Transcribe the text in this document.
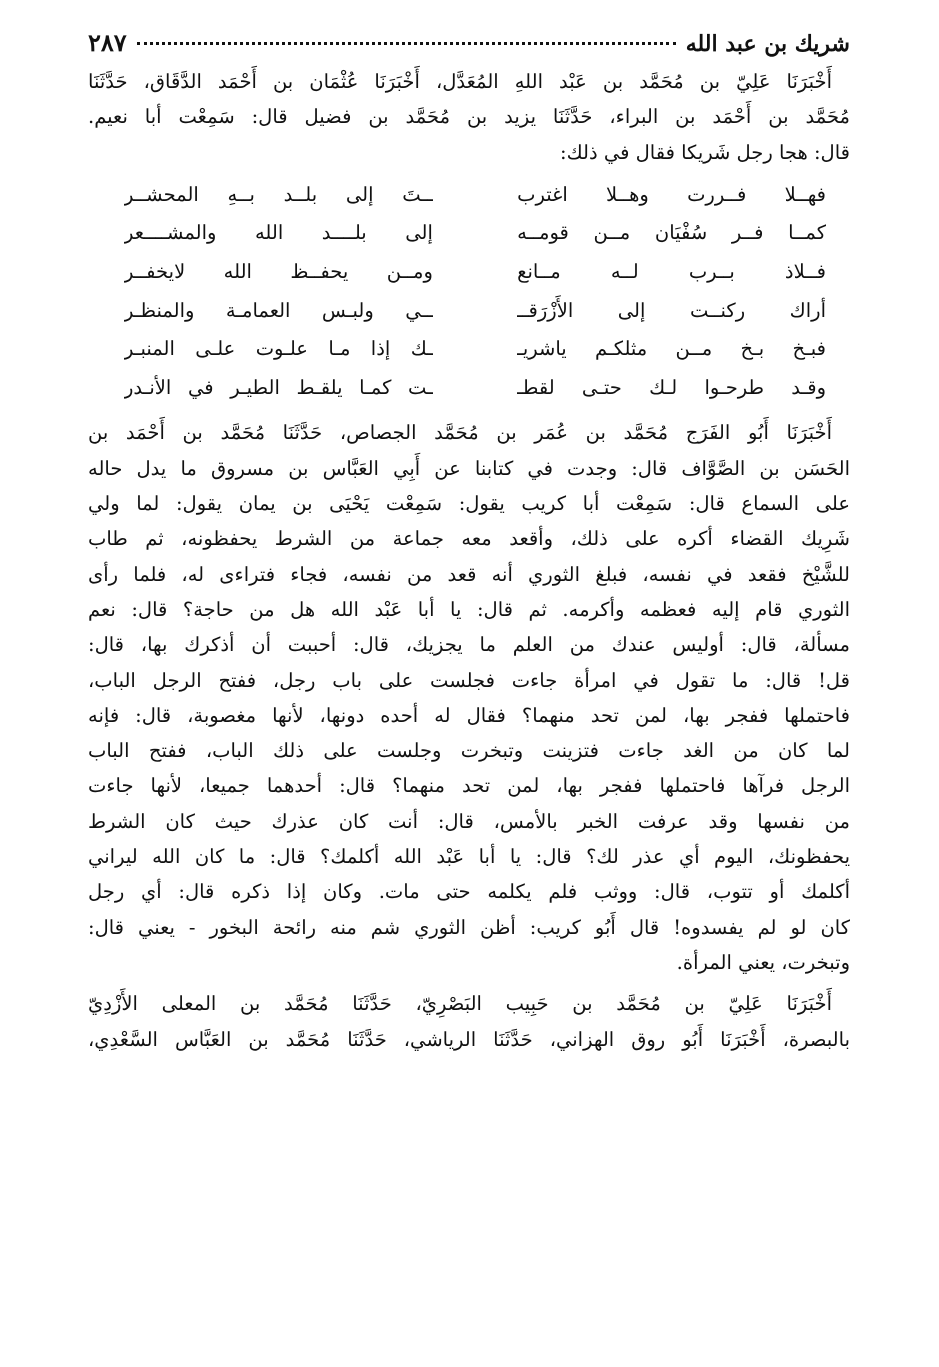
شريك بن عبد الله
٢٨٧
أَخْبَرَنَا عَلِيّ بن مُحَمَّد بن عَبْد اللهِ المُعَدَّل، أَخْبَرَنَا عُثْمَان بن أَحْمَد الدَّقَاق، حَدَّثَنَا
مُحَمَّد بن أَحْمَد بن البراء، حَدَّثَنَا يزيد بن مُحَمَّد بن فضيل قال: سَمِعْت أبا نعيم.
قال: هجا رجل شَريكا فقال في ذلك:
فهــلا فــررت وهــلا اغترب
ــتَ إلى بلــد بــهِ المحشــر
كمــا فــر سُفْيَان مــن قومــه
إلى بلــــد الله والمشــــعر
فــلاذ بــرب لــه مــانع
ومــن يحفــظ الله لايخفــر
أراك ركنــت إلى الأَزْرَقــ
ــي ولبـس العمامـة والمنظـر
فبـخ بـخ مــن مثلكـم ياشريـ
ـك إذا مـا علـوت علـى المنبـر
وقـد طرحـوا لـك حتـى لقطـ
ـت كمـا يلقـط الطيـر في الأنـدر
أَخْبَرَنَا أَبُو الفَرَج مُحَمَّد بن عُمَر بن مُحَمَّد الجصاص، حَدَّثَنَا مُحَمَّد بن أَحْمَد بن
الحَسَن بن الصَّوَّاف قال: وجدت في كتابنا عن أَبِي العَبَّاس بن مسروق ما يدل حاله
على السماع قال: سَمِعْت أبا كريب يقول: سَمِعْت يَحْيَى بن يمان يقول: لما ولي
شَرِيك القضاء أكره على ذلك، وأقعد معه جماعة من الشرط يحفظونه، ثم طاب
للشَّيْخ فقعد في نفسه، فبلغ الثوري أنه قعد من نفسه، فجاء فتراءى له، فلما رأى
الثوري قام إليه فعظمه وأكرمه. ثم قال: يا أبا عَبْد الله هل من حاجة؟ قال: نعم
مسألة، قال: أوليس عندك من العلم ما يجزيك، قال: أحببت أن أذكرك بها، قال:
قل! قال: ما تقول في امرأة جاءت فجلست على باب رجل، ففتح الرجل الباب،
فاحتملها ففجر بها، لمن تحد منهما؟ فقال له أحده دونها، لأنها مغصوبة، قال: فإنه
لما كان من الغد جاءت فتزينت وتبخرت وجلست على ذلك الباب، ففتح الباب
الرجل فرآها فاحتملها ففجر بها، لمن تحد منهما؟ قال: أحدهما جميعا، لأنها جاءت
من نفسها وقد عرفت الخبر بالأمس، قال: أنت كان عذرك حيث كان الشرط
يحفظونك، اليوم أي عذر لك؟ قال: يا أبا عَبْد الله أكلمك؟ قال: ما كان الله ليراني
أكلمك أو تتوب، قال: ووثب فلم يكلمه حتى مات. وكان إذا ذكره قال: أي رجل
كان لو لم يفسدوه! قال أَبُو كريب: أظن الثوري شم منه رائحة البخور - يعني قال:
وتبخرت، يعني المرأة.
أَخْبَرَنَا عَلِيّ بن مُحَمَّد بن حَبِيب البَصْرِيّ، حَدَّثَنَا مُحَمَّد بن المعلى الأَزْدِيّ
بالبصرة، أَخْبَرَنَا أَبُو روق الهزاني، حَدَّثَنَا الرياشي، حَدَّثَنَا مُحَمَّد بن العَبَّاس السَّعْدِي،
